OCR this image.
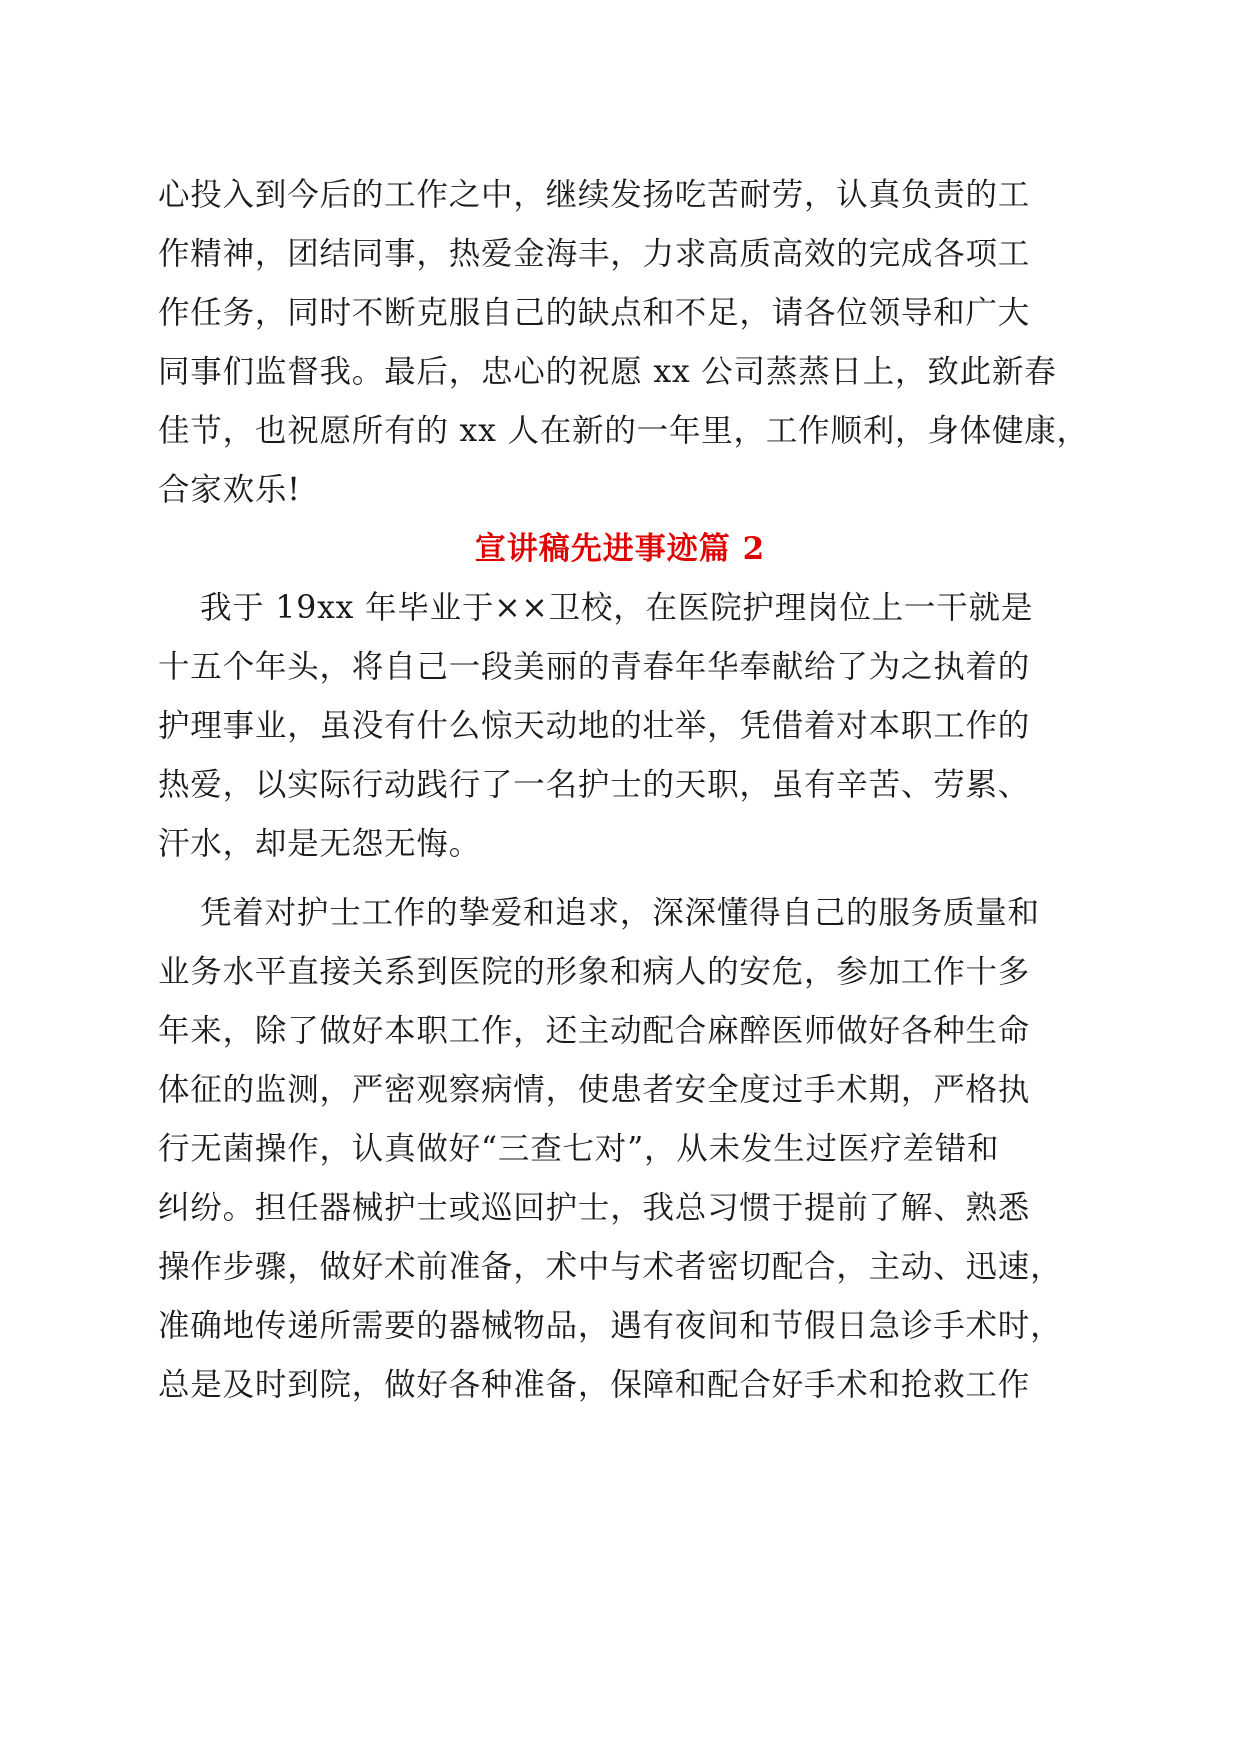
心投入到今后的工作之中，继续发扬吃苦耐劳，认真负责的工

作精神，团结同事，热爱金海丰，力求高质高效的完成各项工

作任务，同时不断克服自己的缺点和不足，请各位领导和广大

同事们监督我。最后，忠心的祝愿 xx 公司蒸蒸日上，致此新春

佳节，也祝愿所有的 xx 人在新的一年里，工作顺利，身体健康，

合家欢乐!

宣讲稿先进事迹篇 2

我于 19xx 年毕业于××卫校，在医院护理岗位上一干就是

十五个年头，将自己一段美丽的青春年华奉献给了为之执着的

护理事业，虽没有什么惊天动地的壮举，凭借着对本职工作的

热爱，以实际行动践行了一名护士的天职，虽有辛苦、劳累、

汗水，却是无怨无悔。

凭着对护士工作的挚爱和追求，深深懂得自己的服务质量和

业务水平直接关系到医院的形象和病人的安危，参加工作十多

年来，除了做好本职工作，还主动配合麻醉医师做好各种生命

体征的监测，严密观察病情，使患者安全度过手术期，严格执

行无菌操作，认真做好“三查七对”，从未发生过医疗差错和

纠纷。担任器械护士或巡回护士，我总习惯于提前了解、熟悉

操作步骤，做好术前准备，术中与术者密切配合，主动、迅速，

准确地传递所需要的器械物品，遇有夜间和节假日急诊手术时，

总是及时到院，做好各种准备，保障和配合好手术和抢救工作
